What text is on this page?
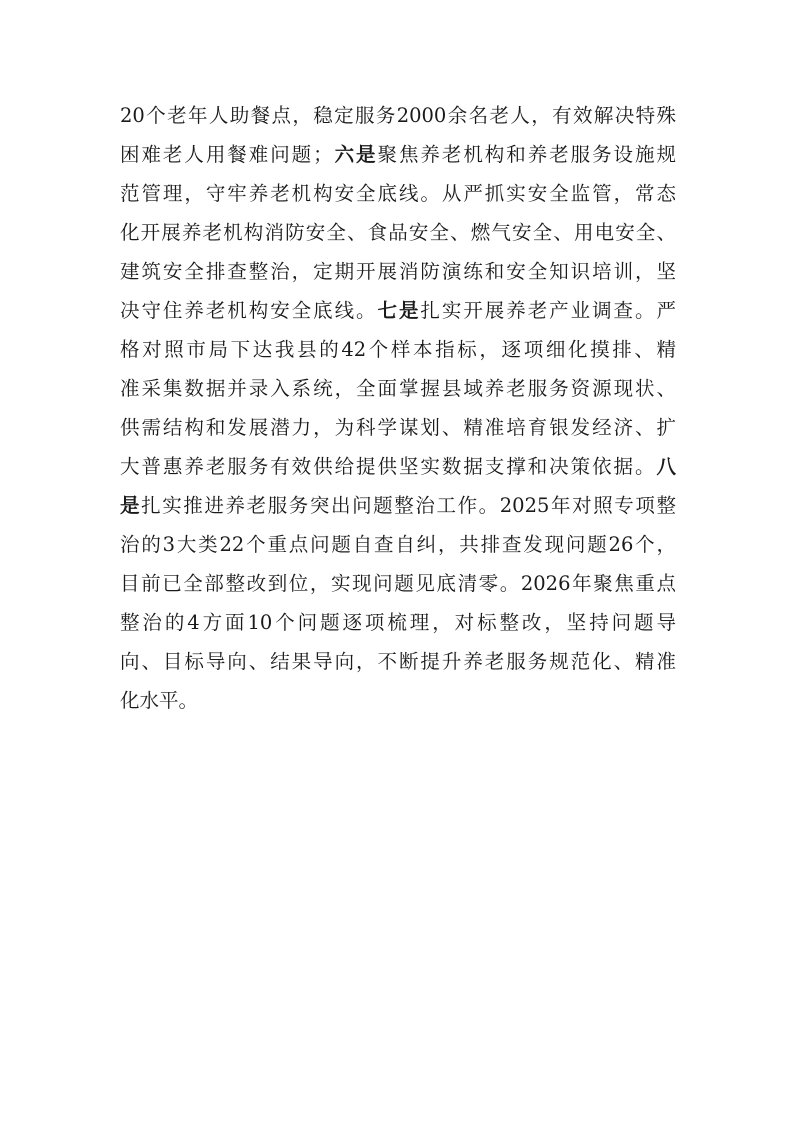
20个老年人助餐点，稳定服务2000余名老人，有效解决特殊
困难老人用餐难问题；六是聚焦养老机构和养老服务设施规
范管理，守牢养老机构安全底线。从严抓实安全监管，常态
化开展养老机构消防安全、食品安全、燃气安全、用电安全、
建筑安全排查整治，定期开展消防演练和安全知识培训，坚
决守住养老机构安全底线。七是扎实开展养老产业调查。严
格对照市局下达我县的42个样本指标，逐项细化摸排、精
准采集数据并录入系统，全面掌握县域养老服务资源现状、
供需结构和发展潜力，为科学谋划、精准培育银发经济、扩
大普惠养老服务有效供给提供坚实数据支撑和决策依据。八
是扎实推进养老服务突出问题整治工作。2025年对照专项整
治的3大类22个重点问题自查自纠，共排查发现问题26个，
目前已全部整改到位，实现问题见底清零。2026年聚焦重点
整治的4方面10个问题逐项梳理，对标整改，坚持问题导
向、目标导向、结果导向，不断提升养老服务规范化、精准
化水平。
